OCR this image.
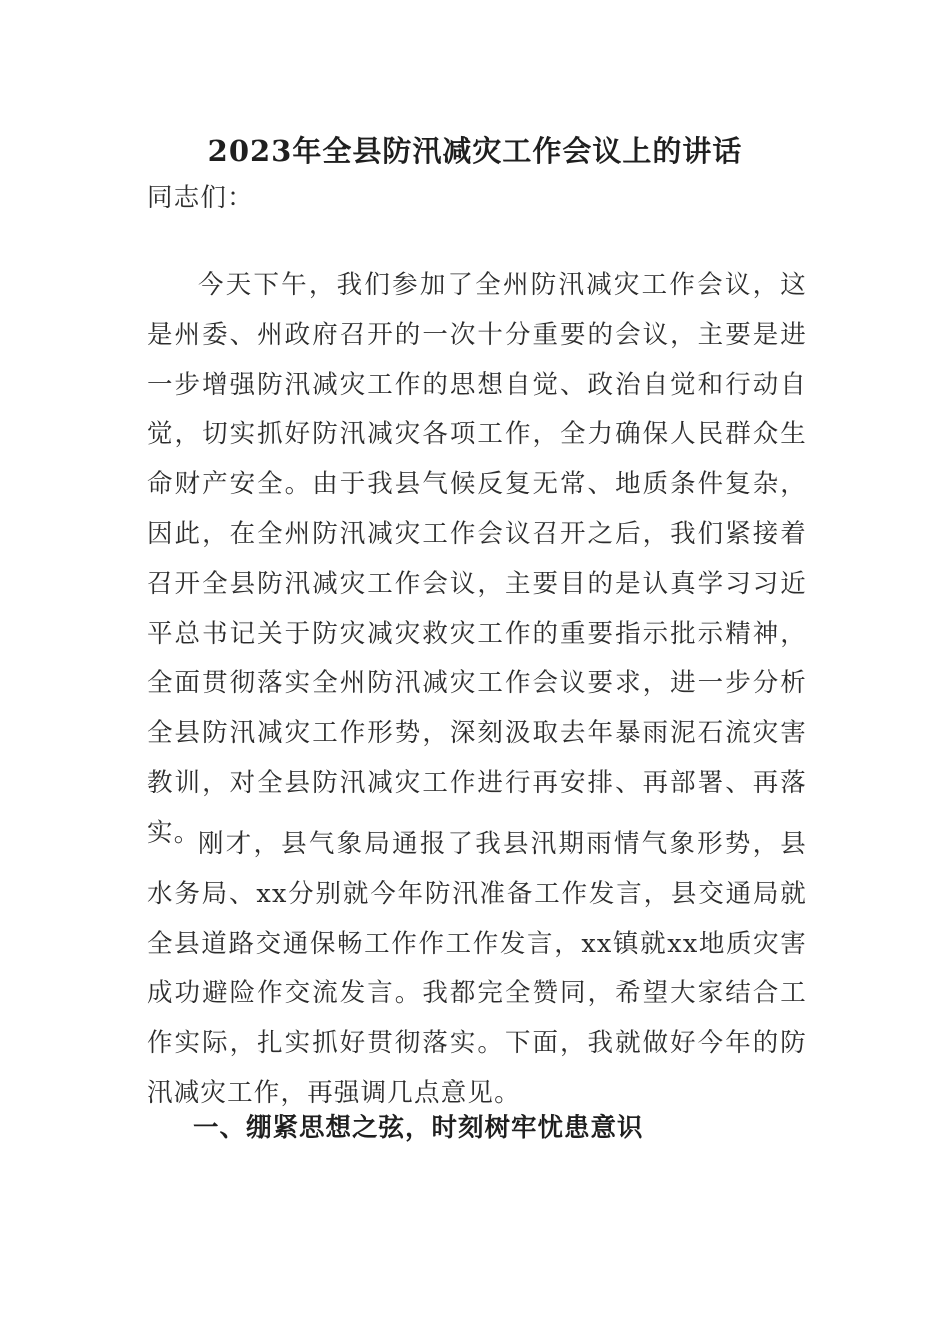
2023年全县防汛减灾工作会议上的讲话

同志们：

今天下午，我们参加了全州防汛减灾工作会议，这是州委、州政府召开的一次十分重要的会议，主要是进一步增强防汛减灾工作的思想自觉、政治自觉和行动自觉，切实抓好防汛减灾各项工作，全力确保人民群众生命财产安全。由于我县气候反复无常、地质条件复杂，因此，在全州防汛减灾工作会议召开之后，我们紧接着召开全县防汛减灾工作会议，主要目的是认真学习习近平总书记关于防灾减灾救灾工作的重要指示批示精神，全面贯彻落实全州防汛减灾工作会议要求，进一步分析全县防汛减灾工作形势，深刻汲取去年暴雨泥石流灾害教训，对全县防汛减灾工作进行再安排、再部署、再落实。

刚才，县气象局通报了我县汛期雨情气象形势，县水务局、xx分别就今年防汛准备工作发言，县交通局就全县道路交通保畅工作作工作发言，xx镇就xx地质灾害成功避险作交流发言。我都完全赞同，希望大家结合工作实际，扎实抓好贯彻落实。下面，我就做好今年的防汛减灾工作，再强调几点意见。

一、绷紧思想之弦，时刻树牢忧患意识
